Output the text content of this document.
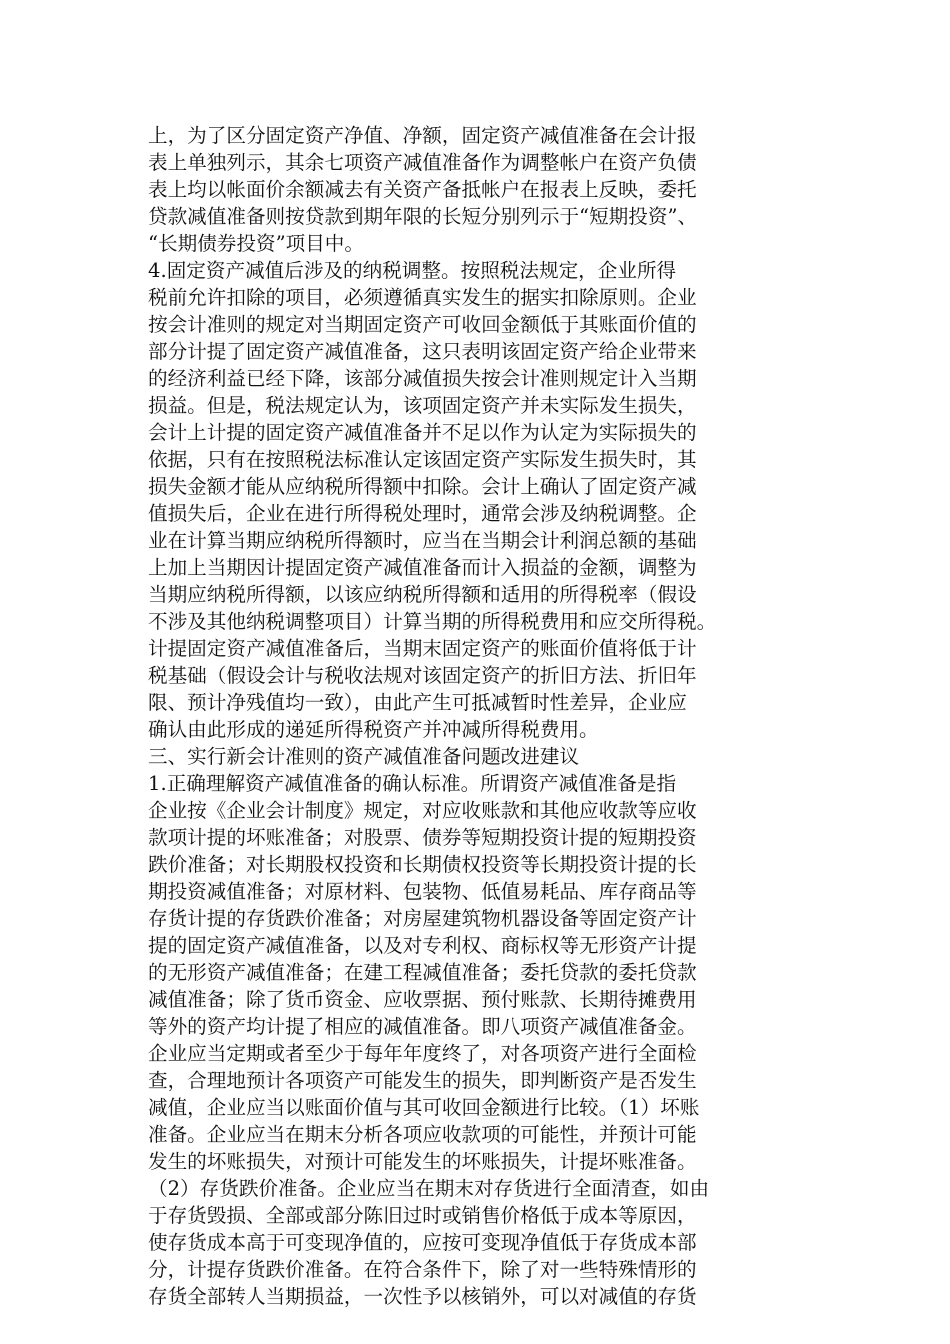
上，为了区分固定资产净值、净额，固定资产减值准备在会计报
表上单独列示，其余七项资产减值准备作为调整帐户在资产负债
表上均以帐面价余额减去有关资产备抵帐户在报表上反映，委托
贷款减值准备则按贷款到期年限的长短分别列示于“短期投资”、
“长期债券投资”项目中。
4.固定资产减值后涉及的纳税调整。按照税法规定，企业所得
税前允许扣除的项目，必须遵循真实发生的据实扣除原则。企业
按会计准则的规定对当期固定资产可收回金额低于其账面价值的
部分计提了固定资产减值准备，这只表明该固定资产给企业带来
的经济利益已经下降，该部分减值损失按会计准则规定计入当期
损益。但是，税法规定认为，该项固定资产并未实际发生损失，
会计上计提的固定资产减值准备并不足以作为认定为实际损失的
依据，只有在按照税法标准认定该固定资产实际发生损失时，其
损失金额才能从应纳税所得额中扣除。会计上确认了固定资产减
值损失后，企业在进行所得税处理时，通常会涉及纳税调整。企
业在计算当期应纳税所得额时，应当在当期会计利润总额的基础
上加上当期因计提固定资产减值准备而计入损益的金额，调整为
当期应纳税所得额，以该应纳税所得额和适用的所得税率（假设
不涉及其他纳税调整项目）计算当期的所得税费用和应交所得税。
计提固定资产减值准备后，当期末固定资产的账面价值将低于计
税基础（假设会计与税收法规对该固定资产的折旧方法、折旧年
限、预计净残值均一致），由此产生可抵减暂时性差异，企业应
确认由此形成的递延所得税资产并冲减所得税费用。
三、实行新会计准则的资产减值准备问题改进建议
1.正确理解资产减值准备的确认标准。所谓资产减值准备是指
企业按《企业会计制度》规定，对应收账款和其他应收款等应收
款项计提的坏账准备；对股票、债券等短期投资计提的短期投资
跌价准备；对长期股权投资和长期债权投资等长期投资计提的长
期投资减值准备；对原材料、包装物、低值易耗品、库存商品等
存货计提的存货跌价准备；对房屋建筑物机器设备等固定资产计
提的固定资产减值准备，以及对专利权、商标权等无形资产计提
的无形资产减值准备；在建工程减值准备；委托贷款的委托贷款
减值准备；除了货币资金、应收票据、预付账款、长期待摊费用
等外的资产均计提了相应的减值准备。即八项资产减值准备金。
企业应当定期或者至少于每年年度终了，对各项资产进行全面检
查，合理地预计各项资产可能发生的损失，即判断资产是否发生
减值，企业应当以账面价值与其可收回金额进行比较。（1）坏账
准备。企业应当在期末分析各项应收款项的可能性，并预计可能
发生的坏账损失，对预计可能发生的坏账损失，计提坏账准备。
（2）存货跌价准备。企业应当在期末对存货进行全面清查，如由
于存货毁损、全部或部分陈旧过时或销售价格低于成本等原因，
使存货成本高于可变现净值的，应按可变现净值低于存货成本部
分，计提存货跌价准备。在符合条件下，除了对一些特殊情形的
存货全部转人当期损益，一次性予以核销外，可以对减值的存货
